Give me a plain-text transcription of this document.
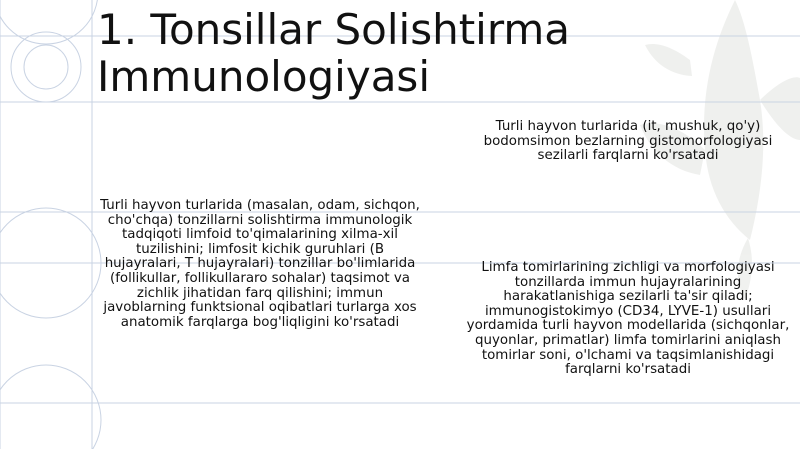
1. Tonsillar Solishtirma Immunologiyasi

Turli hayvon turlarida (masalan, odam, sichqon, cho'chqa) tonzillarni solishtirma immunologik tadqiqoti limfoid to'qimalarining xilma-xil tuzilishini; limfosit kichik guruhlari (B hujayralari, T hujayralari) tonzillar bo'limlarida (follikullar, follikullararo sohalar) taqsimot va zichlik jihatidan farq qilishini; immun javoblarning funktsional oqibatlari turlarga xos anatomik farqlarga bog'liqligini ko'rsatadi

Turli hayvon turlarida (it, mushuk, qo'y) bodomsimon bezlarning gistomorfologiyasi sezilarli farqlarni ko'rsatadi

Limfa tomirlarining zichligi va morfologiyasi tonzillarda immun hujayralarining harakatlanishiga sezilarli ta'sir qiladi; immunogistokimyo (CD34, LYVE-1) usullari yordamida turli hayvon modellarida (sichqonlar, quyonlar, primatlar) limfa tomirlarini aniqlash tomirlar soni, o'lchami va taqsimlanishidagi farqlarni ko'rsatadi
